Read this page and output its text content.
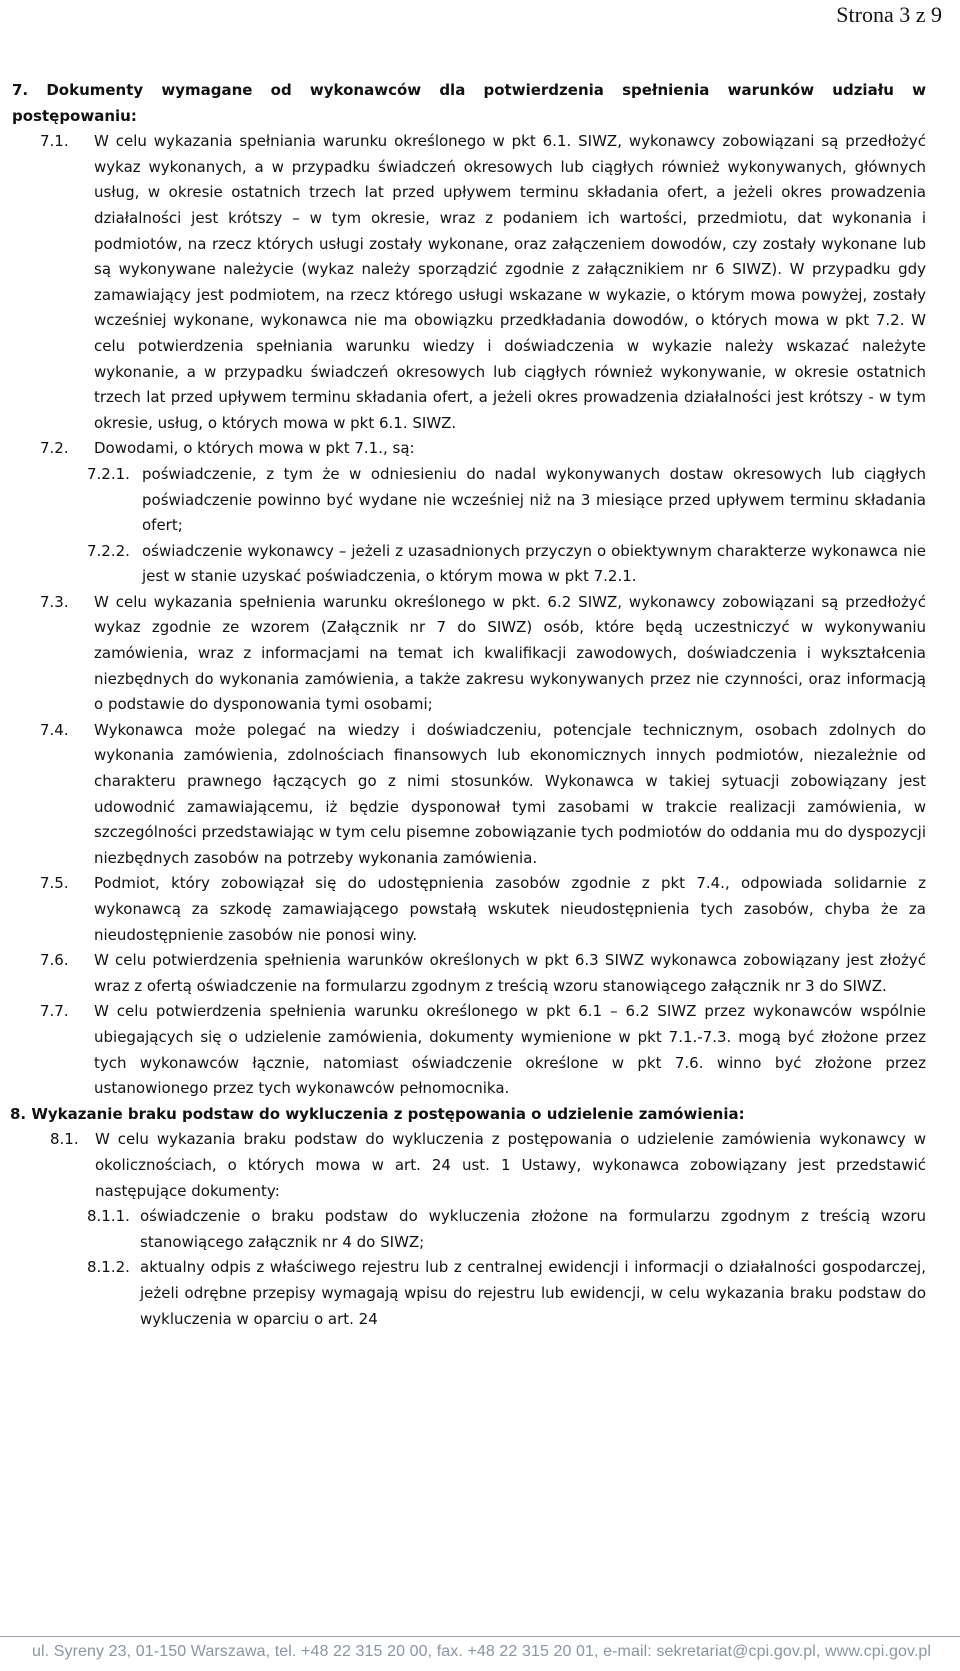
Strona 3 z 9

7. Dokumenty wymagane od wykonawców dla potwierdzenia spełnienia warunków udziału w postępowaniu:

7.1.	W celu wykazania spełniania warunku określonego w pkt 6.1. SIWZ, wykonawcy zobowiązani są przedłożyć wykaz wykonanych, a w przypadku świadczeń okresowych lub ciągłych również wykonywanych, głównych usług, w okresie ostatnich trzech lat przed upływem terminu składania ofert, a jeżeli okres prowadzenia działalności jest krótszy – w tym okresie, wraz z podaniem ich wartości, przedmiotu, dat wykonania i podmiotów, na rzecz których usługi zostały wykonane, oraz załączeniem dowodów, czy zostały wykonane lub są wykonywane należycie (wykaz należy sporządzić zgodnie z załącznikiem nr 6 SIWZ). W przypadku gdy zamawiający jest podmiotem, na rzecz którego usługi wskazane w wykazie, o którym mowa powyżej, zostały wcześniej wykonane, wykonawca nie ma obowiązku przedkładania dowodów, o których mowa w pkt 7.2. W celu potwierdzenia spełniania warunku wiedzy i doświadczenia w wykazie należy wskazać należyte wykonanie, a w przypadku świadczeń okresowych lub ciągłych również wykonywanie, w okresie ostatnich trzech lat przed upływem terminu składania ofert, a jeżeli okres prowadzenia działalności jest krótszy - w tym okresie, usług, o których mowa w pkt 6.1. SIWZ.
7.2.	Dowodami, o których mowa w pkt 7.1., są:
7.2.1. poświadczenie, z tym że w odniesieniu do nadal wykonywanych dostaw okresowych lub ciągłych poświadczenie powinno być wydane nie wcześniej niż na 3 miesiące przed upływem terminu składania ofert;
7.2.2. oświadczenie wykonawcy – jeżeli z uzasadnionych przyczyn o obiektywnym charakterze wykonawca nie jest w stanie uzyskać poświadczenia, o którym mowa w pkt 7.2.1.
7.3.	W celu wykazania spełnienia warunku określonego w pkt. 6.2 SIWZ, wykonawcy zobowiązani są przedłożyć wykaz zgodnie ze wzorem (Załącznik nr 7 do SIWZ) osób, które będą uczestniczyć w wykonywaniu zamówienia, wraz z informacjami na temat ich kwalifikacji zawodowych, doświadczenia i wykształcenia niezbędnych do wykonania zamówienia, a także zakresu wykonywanych przez nie czynności, oraz informacją o podstawie do dysponowania tymi osobami;
7.4.	Wykonawca może polegać na wiedzy i doświadczeniu, potencjale technicznym, osobach zdolnych do wykonania zamówienia, zdolnościach finansowych lub ekonomicznych innych podmiotów, niezależnie od charakteru prawnego łączących go z nimi stosunków. Wykonawca w takiej sytuacji zobowiązany jest udowodnić zamawiającemu, iż będzie dysponował tymi zasobami w trakcie realizacji zamówienia, w szczególności przedstawiając w tym celu pisemne zobowiązanie tych podmiotów do oddania mu do dyspozycji niezbędnych zasobów na potrzeby wykonania zamówienia.
7.5.	Podmiot, który zobowiązał się do udostępnienia zasobów zgodnie z pkt 7.4., odpowiada solidarnie z wykonawcą za szkodę zamawiającego powstałą wskutek nieudostępnienia tych zasobów, chyba że za nieudostępnienie zasobów nie ponosi winy.
7.6.	W celu potwierdzenia spełnienia warunków określonych w pkt 6.3 SIWZ wykonawca zobowiązany jest złożyć wraz z ofertą oświadczenie na formularzu zgodnym z treścią wzoru stanowiącego załącznik nr 3 do SIWZ.
7.7.	W celu potwierdzenia spełnienia warunku określonego w pkt 6.1 – 6.2 SIWZ przez wykonawców wspólnie ubiegających się o udzielenie zamówienia, dokumenty wymienione w pkt 7.1.-7.3. mogą być złożone przez tych wykonawców łącznie, natomiast oświadczenie określone w pkt 7.6. winno być złożone przez ustanowionego przez tych wykonawców pełnomocnika.

8. Wykazanie braku podstaw do wykluczenia z postępowania o udzielenie zamówienia:

8.1.	W celu wykazania braku podstaw do wykluczenia z postępowania o udzielenie zamówienia wykonawcy w okolicznościach, o których mowa w art. 24 ust. 1 Ustawy, wykonawca zobowiązany jest przedstawić następujące dokumenty:
8.1.1. oświadczenie o braku podstaw do wykluczenia złożone na formularzu zgodnym z treścią wzoru stanowiącego załącznik nr 4 do SIWZ;
8.1.2. aktualny odpis z właściwego rejestru lub z centralnej ewidencji i informacji o działalności gospodarczej, jeżeli odrębne przepisy wymagają wpisu do rejestru lub ewidencji, w celu wykazania braku podstaw do wykluczenia w oparciu o art. 24
ul. Syreny 23, 01-150 Warszawa, tel. +48 22 315 20 00, fax. +48 22 315 20 01, e-mail: sekretariat@cpi.gov.pl, www.cpi.gov.pl
